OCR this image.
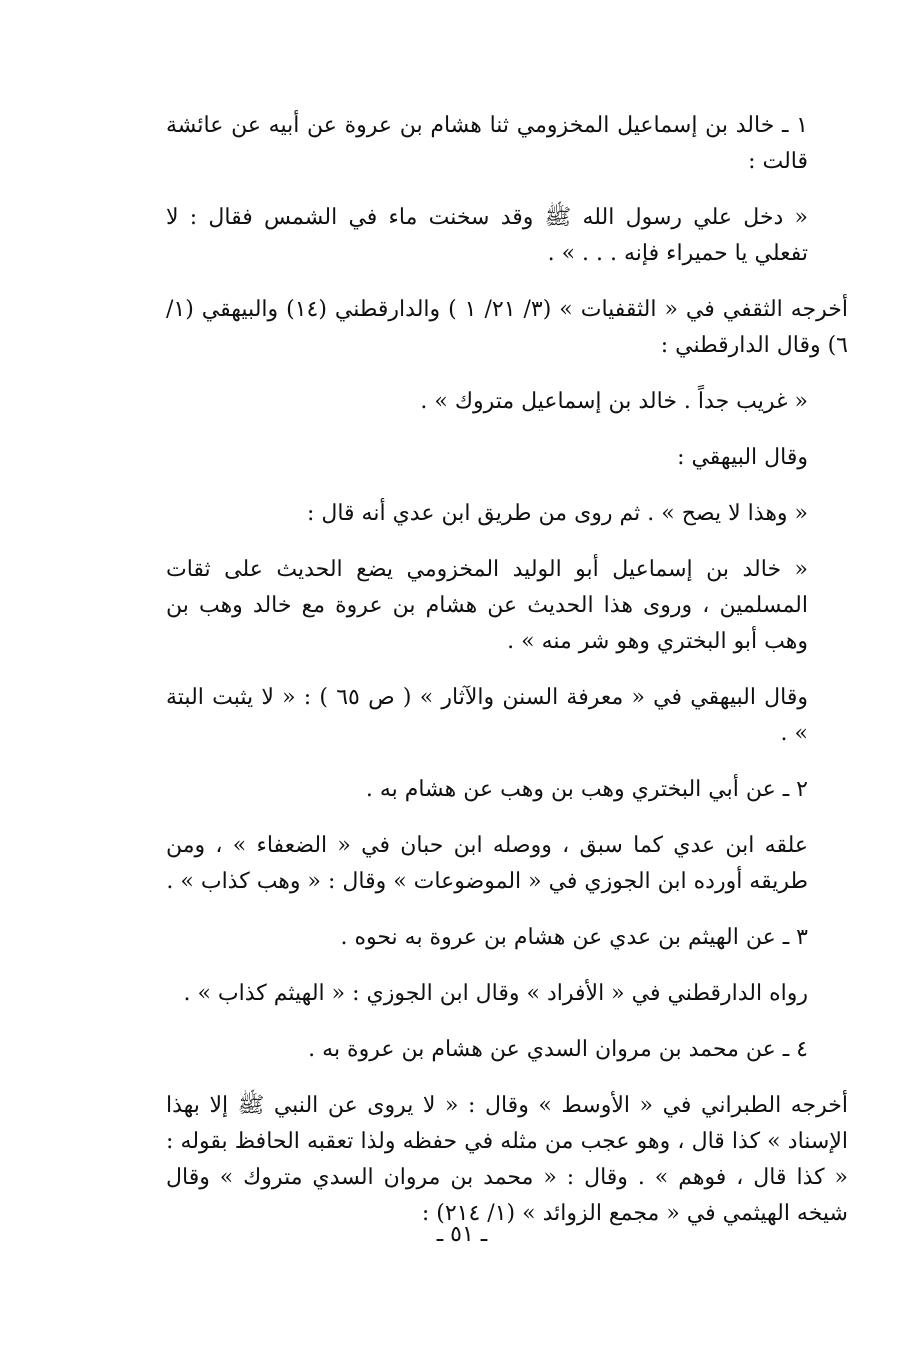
١ ـ خالد بن إسماعيل المخزومي ثنا هشام بن عروة عن أبيه عن عائشة قالت :

« دخل علي رسول الله ﷺ وقد سخنت ماء في الشمس فقال : لا تفعلي يا حميراء فإنه . . . » .

أخرجه الثقفي في « الثقفيات » (٣/ ٢١/ ١ ) والدارقطني (١٤) والبيهقي (١/ ٦) وقال الدارقطني :

« غريب جداً . خالد بن إسماعيل متروك » .

وقال البيهقي :

« وهذا لا يصح » . ثم روى من طريق ابن عدي أنه قال :

« خالد بن إسماعيل أبو الوليد المخزومي يضع الحديث على ثقات المسلمين ، وروى هذا الحديث عن هشام بن عروة مع خالد وهب بن وهب أبو البختري وهو شر منه » .

وقال البيهقي في « معرفة السنن والآثار » ( ص ٦٥ ) : « لا يثبت البتة » .

٢ ـ عن أبي البختري وهب بن وهب عن هشام به .

علقه ابن عدي كما سبق ، ووصله ابن حبان في « الضعفاء » ، ومن طريقه أورده ابن الجوزي في « الموضوعات » وقال : « وهب كذاب » .

٣ ـ عن الهيثم بن عدي عن هشام بن عروة به نحوه .

رواه الدارقطني في « الأفراد » وقال ابن الجوزي : « الهيثم كذاب » .

٤ ـ عن محمد بن مروان السدي عن هشام بن عروة به .

أخرجه الطبراني في « الأوسط » وقال : « لا يروى عن النبي ﷺ إلا بهذا الإسناد » كذا قال ، وهو عجب من مثله في حفظه ولذا تعقبه الحافظ بقوله : « كذا قال ، فوهم » . وقال : « محمد بن مروان السدي متروك » وقال شيخه الهيثمي في « مجمع الزوائد » (١/ ٢١٤) :

ـ ٥١ ـ
